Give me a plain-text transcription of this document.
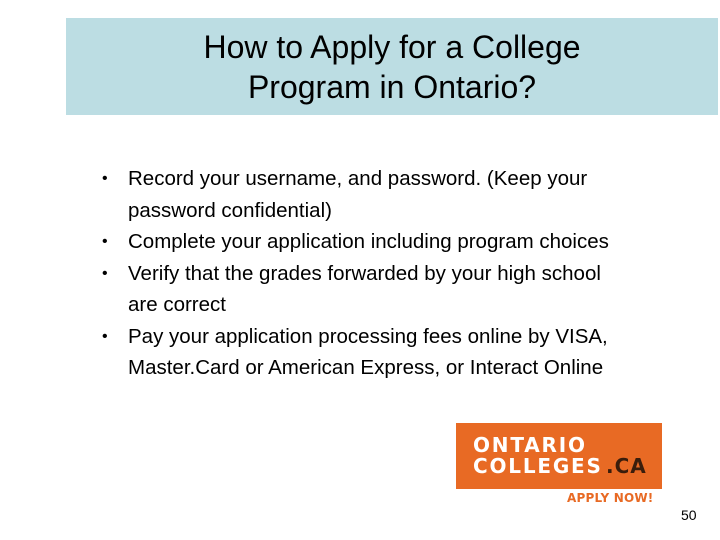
How to Apply for a College
Program in Ontario?
• Record your username, and password. (Keep your
password confidential)
• Complete your application including program choices
• Verify that the grades forwarded by your high school
are correct
• Pay your application processing fees online by VISA,
Master.Card or American Express, or Interact Online
ONTARIO
COLLEGES .CA
APPLY NOW!
50
